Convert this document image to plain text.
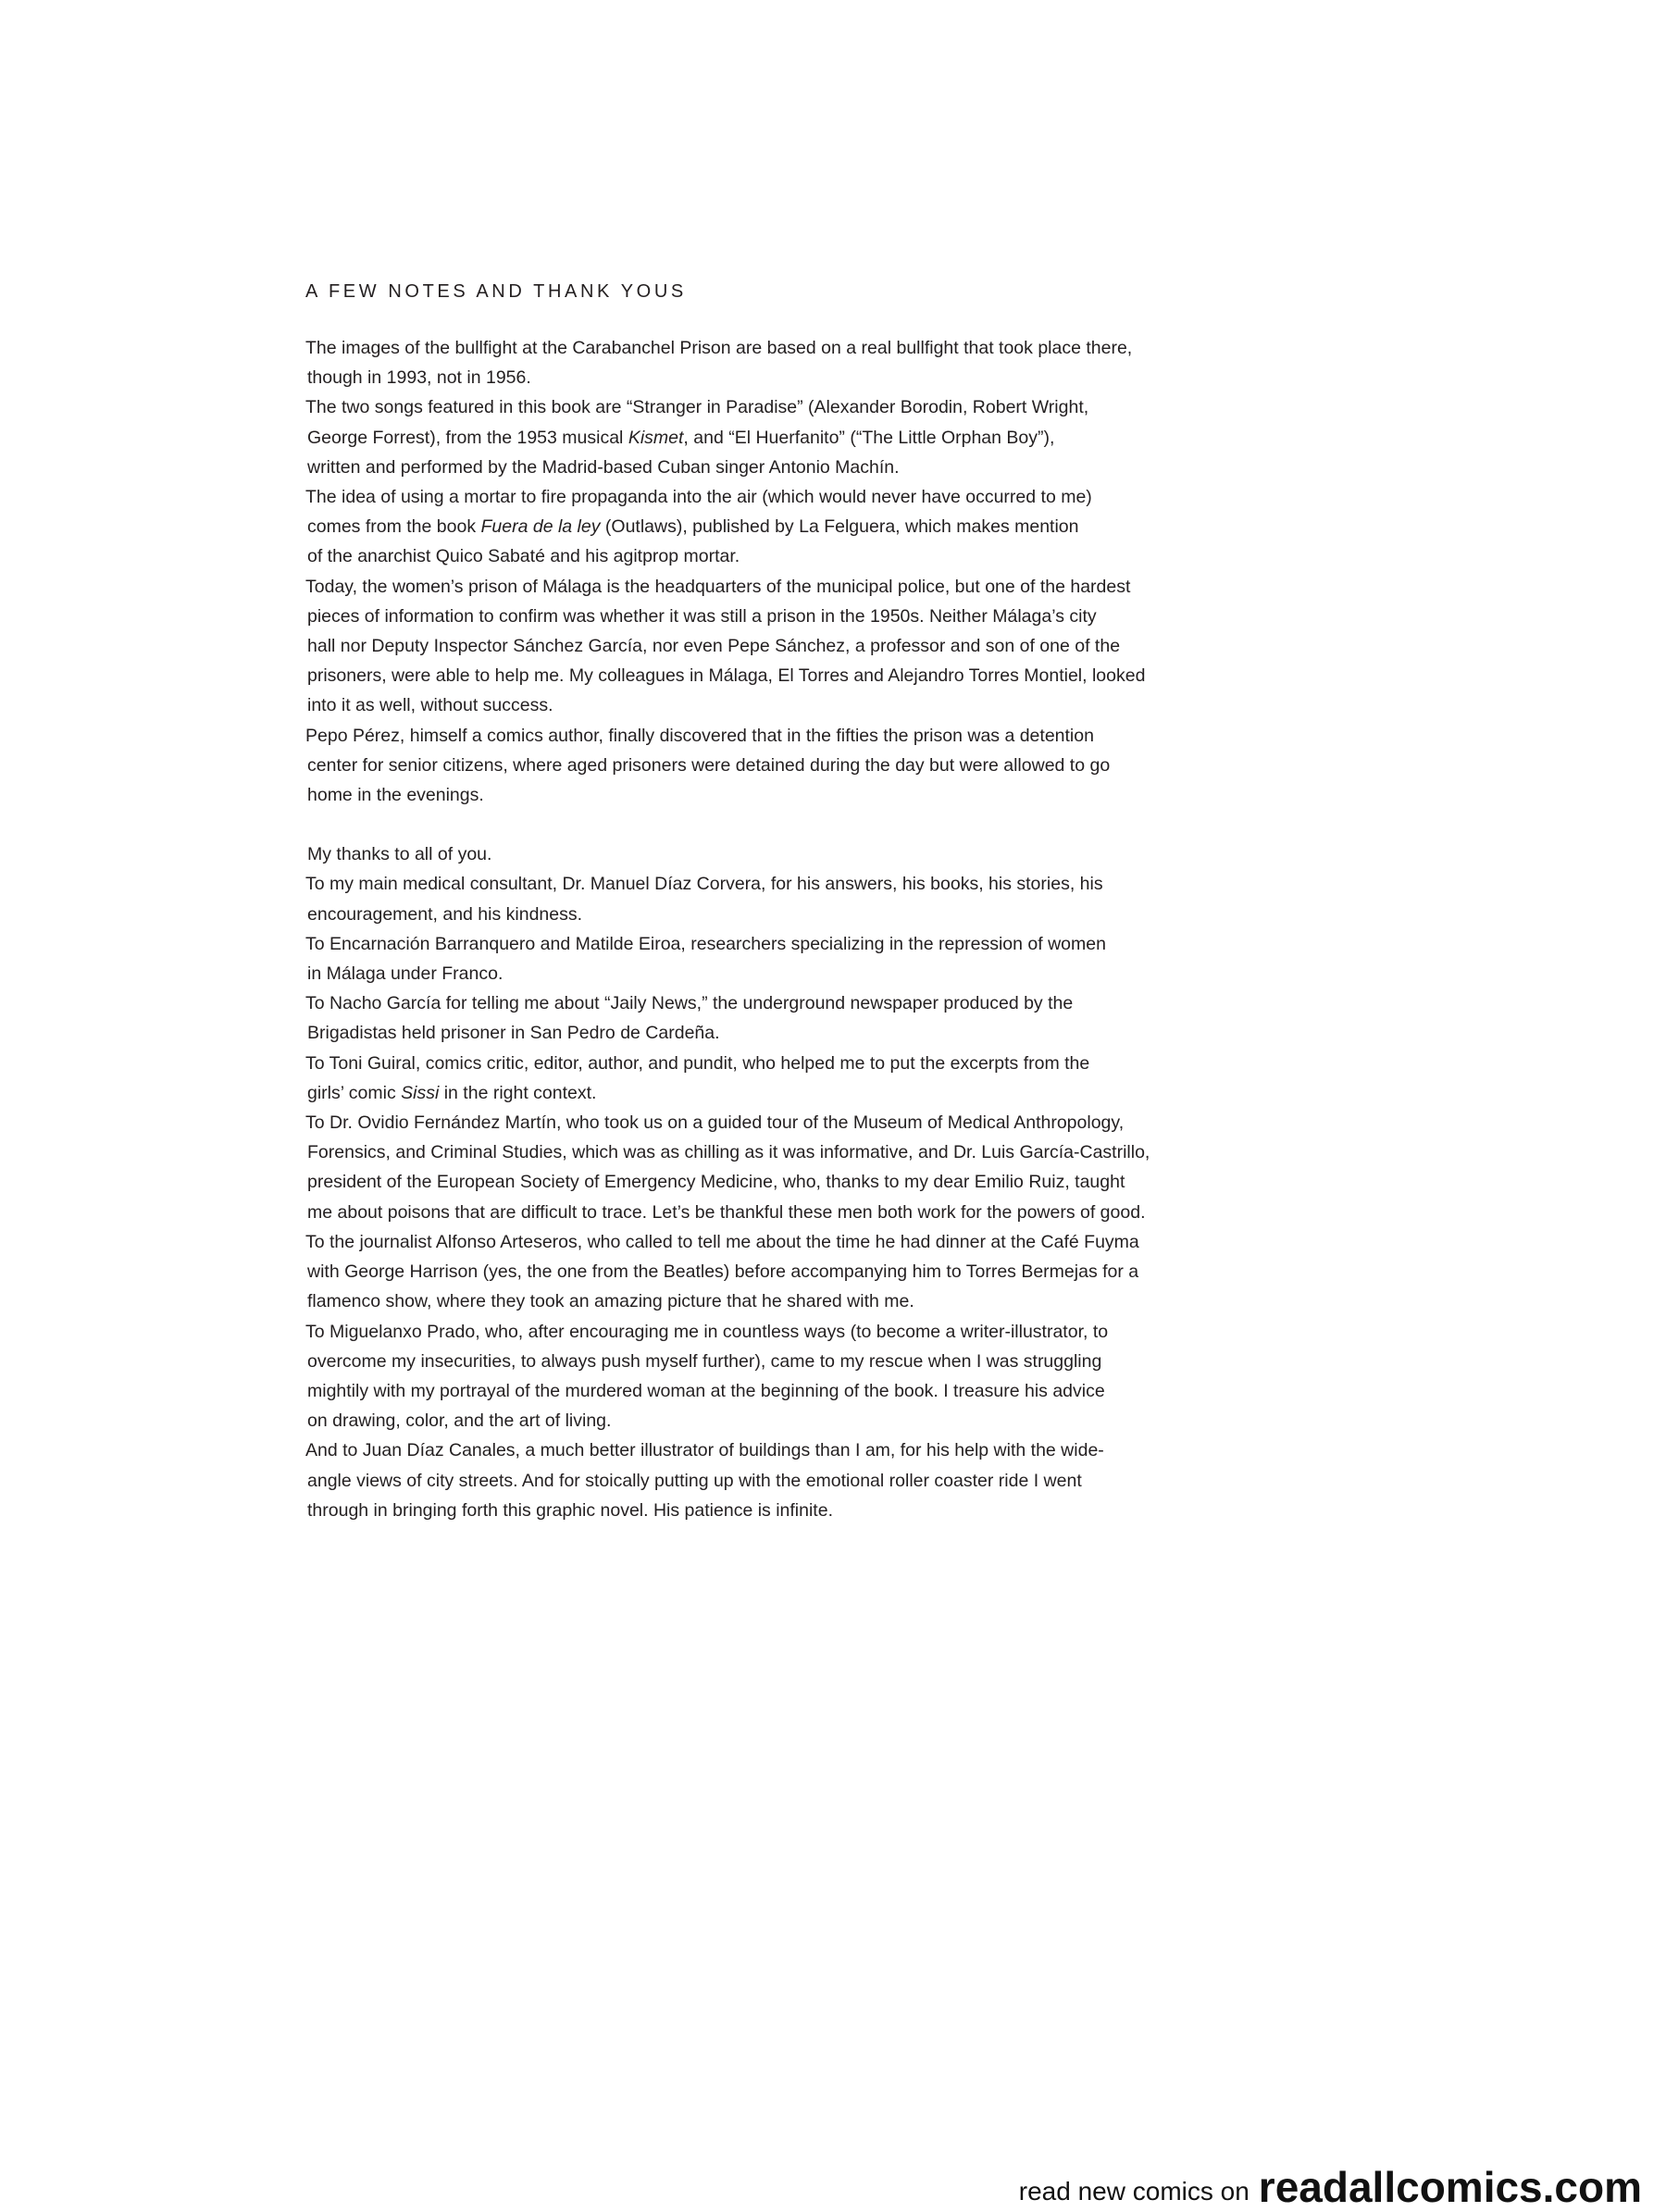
A FEW NOTES AND THANK YOUS

The images of the bullfight at the Carabanchel Prison are based on a real bullfight that took place there,
though in 1993, not in 1956.

The two songs featured in this book are “Stranger in Paradise” (Alexander Borodin, Robert Wright,
George Forrest), from the 1953 musical Kismet, and “El Huerfanito” (“The Little Orphan Boy”),
written and performed by the Madrid-based Cuban singer Antonio Machín.

The idea of using a mortar to fire propaganda into the air (which would never have occurred to me)
comes from the book Fuera de la ley (Outlaws), published by La Felguera, which makes mention
of the anarchist Quico Sabaté and his agitprop mortar.

Today, the women’s prison of Málaga is the headquarters of the municipal police, but one of the hardest
pieces of information to confirm was whether it was still a prison in the 1950s. Neither Málaga’s city
hall nor Deputy Inspector Sánchez García, nor even Pepe Sánchez, a professor and son of one of the
prisoners, were able to help me. My colleagues in Málaga, El Torres and Alejandro Torres Montiel, looked
into it as well, without success.

Pepo Pérez, himself a comics author, finally discovered that in the fifties the prison was a detention
center for senior citizens, where aged prisoners were detained during the day but were allowed to go
home in the evenings.

My thanks to all of you.

To my main medical consultant, Dr. Manuel Díaz Corvera, for his answers, his books, his stories, his
encouragement, and his kindness.

To Encarnación Barranquero and Matilde Eiroa, researchers specializing in the repression of women
in Málaga under Franco.

To Nacho García for telling me about “Jaily News,” the underground newspaper produced by the
Brigadistas held prisoner in San Pedro de Cardeña.

To Toni Guiral, comics critic, editor, author, and pundit, who helped me to put the excerpts from the
girls’ comic Sissi in the right context.

To Dr. Ovidio Fernández Martín, who took us on a guided tour of the Museum of Medical Anthropology,
Forensics, and Criminal Studies, which was as chilling as it was informative, and Dr. Luis García-Castrillo,
president of the European Society of Emergency Medicine, who, thanks to my dear Emilio Ruiz, taught
me about poisons that are difficult to trace. Let’s be thankful these men both work for the powers of good.

To the journalist Alfonso Arteseros, who called to tell me about the time he had dinner at the Café Fuyma
with George Harrison (yes, the one from the Beatles) before accompanying him to Torres Bermejas for a
flamenco show, where they took an amazing picture that he shared with me.

To Miguelanxo Prado, who, after encouraging me in countless ways (to become a writer-illustrator, to
overcome my insecurities, to always push myself further), came to my rescue when I was struggling
mightily with my portrayal of the murdered woman at the beginning of the book. I treasure his advice
on drawing, color, and the art of living.

And to Juan Díaz Canales, a much better illustrator of buildings than I am, for his help with the wide-
angle views of city streets. And for stoically putting up with the emotional roller coaster ride I went
through in bringing forth this graphic novel. His patience is infinite.

read new comics on readallcomics.com
